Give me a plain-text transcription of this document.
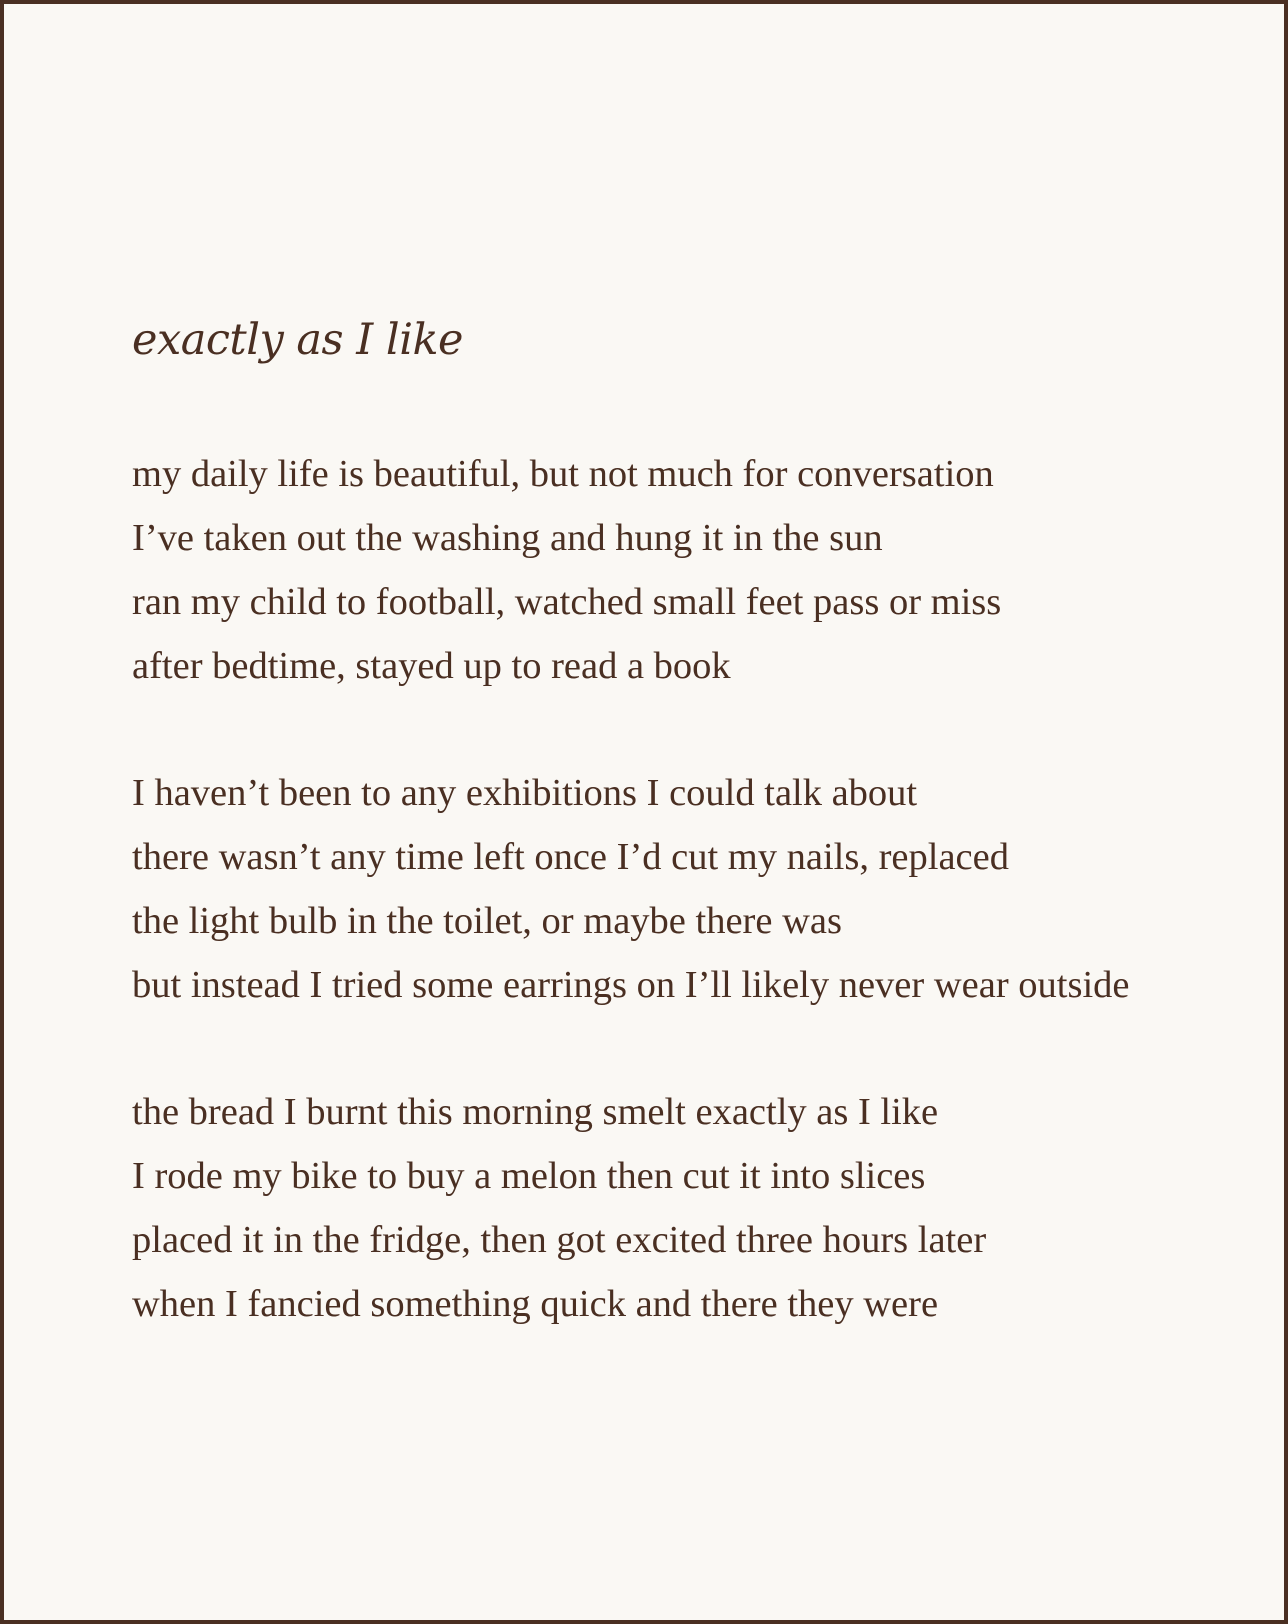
exactly as I like
my daily life is beautiful, but not much for conversation
I’ve taken out the washing and hung it in the sun
ran my child to football, watched small feet pass or miss
after bedtime, stayed up to read a book
I haven’t been to any exhibitions I could talk about
there wasn’t any time left once I’d cut my nails, replaced
the light bulb in the toilet, or maybe there was
but instead I tried some earrings on I’ll likely never wear outside
the bread I burnt this morning smelt exactly as I like
I rode my bike to buy a melon then cut it into slices
placed it in the fridge, then got excited three hours later
when I fancied something quick and there they were
